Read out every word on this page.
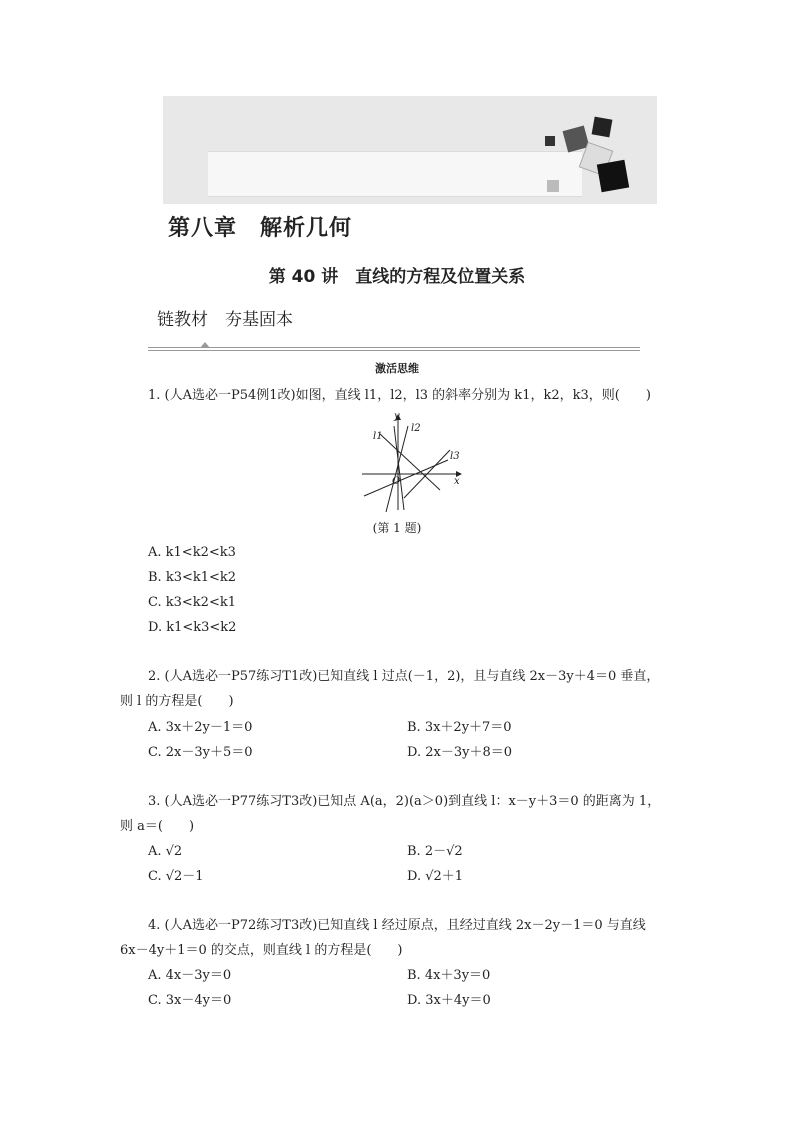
第八章　解析几何
第 40 讲　直线的方程及位置关系
链教材　夯基固本
激活思维
1. (人A选必一P54例1改)如图，直线 l1，l2，l3 的斜率分别为 k1，k2，k3，则(　　)
y
x
O
l1
l2
l3
(第 1 题)
A. k1<k2<k3
B. k3<k1<k2
C. k3<k2<k1
D. k1<k3<k2
2. (人A选必一P57练习T1改)已知直线 l 过点(－1，2)，且与直线 2x－3y＋4＝0 垂直，
则 l 的方程是(　　)
A. 3x＋2y－1＝0	B. 3x＋2y＋7＝0
C. 2x－3y＋5＝0	D. 2x－3y＋8＝0
3. (人A选必一P77练习T3改)已知点 A(a，2)(a＞0)到直线 l：x－y＋3＝0 的距离为 1，
则 a＝(　　)
A. √2	B. 2－√2
C. √2－1	D. √2＋1
4. (人A选必一P72练习T3改)已知直线 l 经过原点，且经过直线 2x－2y－1＝0 与直线
6x－4y＋1＝0 的交点，则直线 l 的方程是(　　)
A. 4x－3y＝0	B. 4x＋3y＝0
C. 3x－4y＝0	D. 3x＋4y＝0
